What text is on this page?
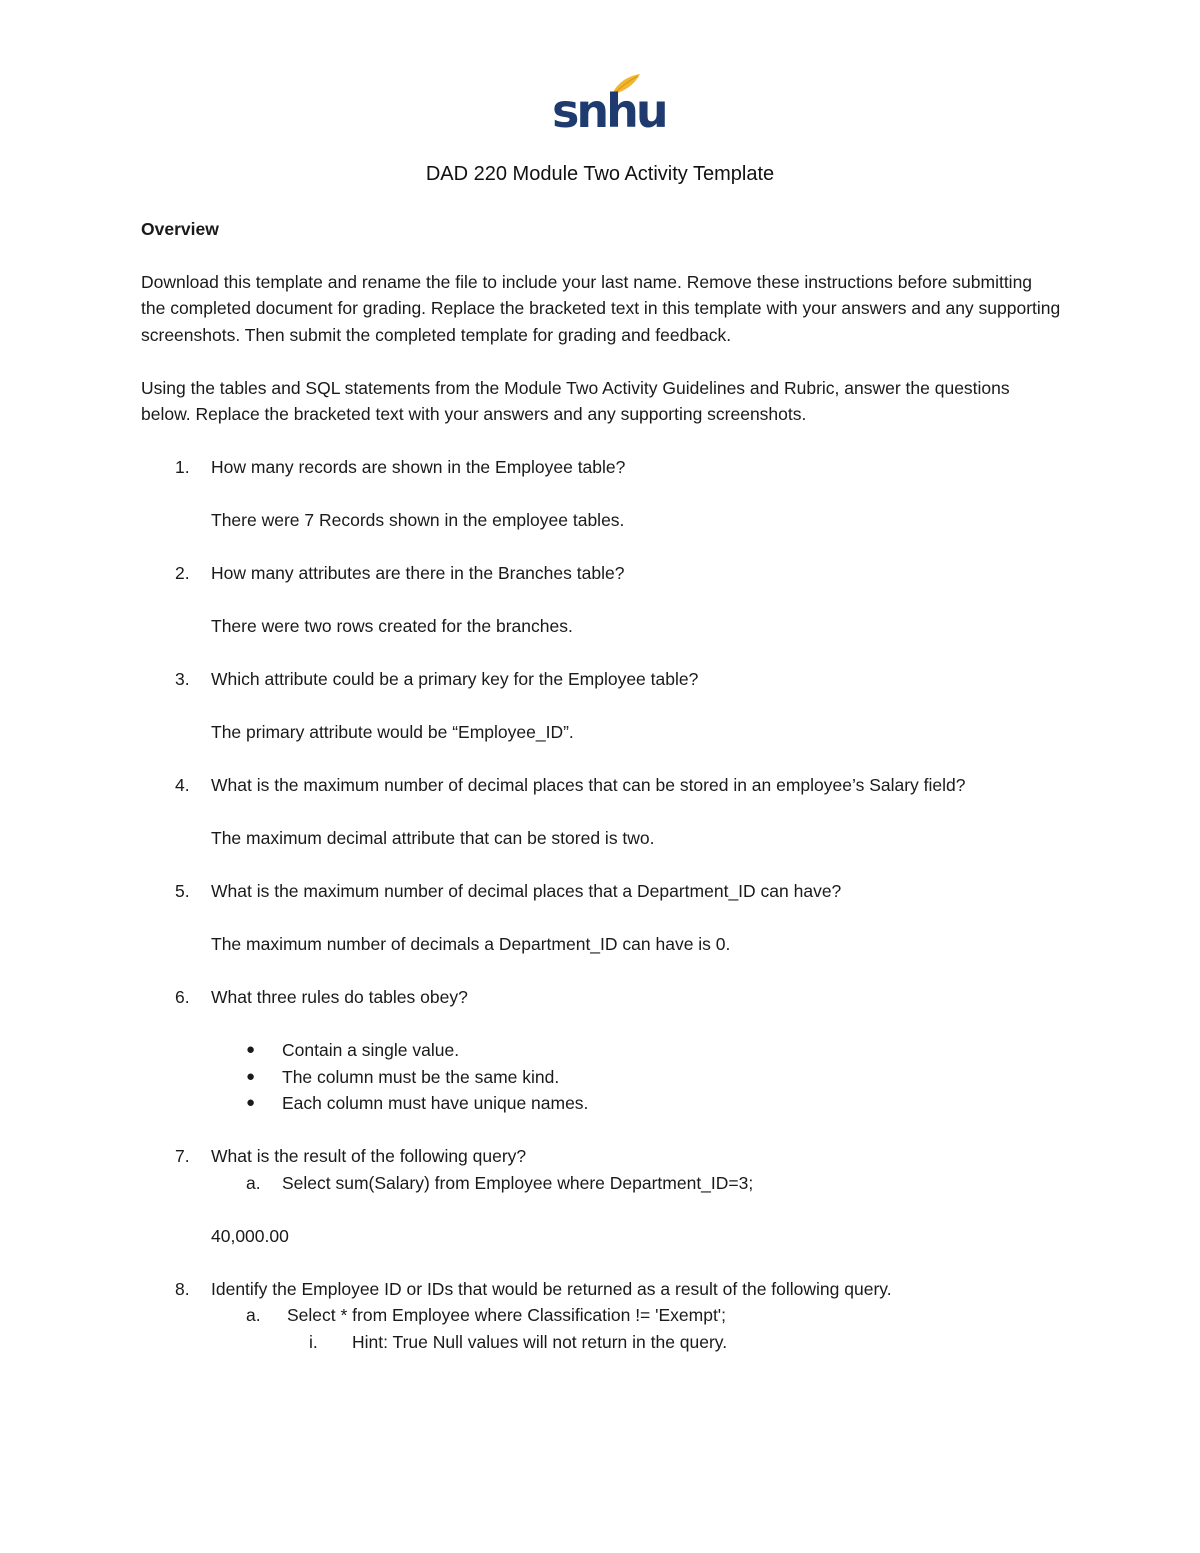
snhu
DAD 220 Module Two Activity Template

Overview

Download this template and rename the file to include your last name. Remove these instructions before submitting the completed document for grading. Replace the bracketed text in this template with your answers and any supporting screenshots. Then submit the completed template for grading and feedback.

Using the tables and SQL statements from the Module Two Activity Guidelines and Rubric, answer the questions below. Replace the bracketed text with your answers and any supporting screenshots.

1. How many records are shown in the Employee table?

There were 7 Records shown in the employee tables.

2. How many attributes are there in the Branches table?

There were two rows created for the branches.

3. Which attribute could be a primary key for the Employee table?

The primary attribute would be “Employee_ID”.

4. What is the maximum number of decimal places that can be stored in an employee’s Salary field?

The maximum decimal attribute that can be stored is two.

5. What is the maximum number of decimal places that a Department_ID can have?

The maximum number of decimals a Department_ID can have is 0.

6. What three rules do tables obey?

● Contain a single value.
● The column must be the same kind.
● Each column must have unique names.
7. What is the result of the following query?

a. Select sum(Salary) from Employee where Department_ID=3;

40,000.00

8. Identify the Employee ID or IDs that would be returned as a result of the following query.

a. Select * from Employee where Classification != 'Exempt';
i. Hint: True Null values will not return in the query.
